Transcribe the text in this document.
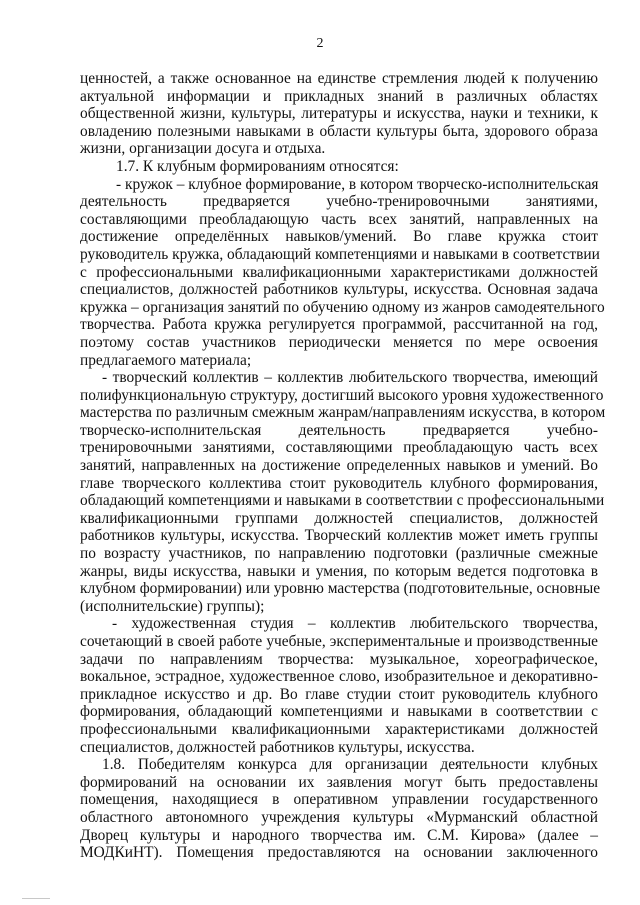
2
ценностей, а также основанное на единстве стремления людей к получению
актуальной информации и прикладных знаний в различных областях
общественной жизни, культуры, литературы и искусства, науки и техники, к
овладению полезными навыками в области культуры быта, здорового образа
жизни, организации досуга и отдыха.
1.7. К клубным формированиям относятся:
- кружок – клубное формирование, в котором творческо-исполнительская
деятельность предваряется учебно-тренировочными занятиями,
составляющими преобладающую часть всех занятий, направленных на
достижение определённых навыков/умений. Во главе кружка стоит
руководитель кружка, обладающий компетенциями и навыками в соответствии
с профессиональными квалификационными характеристиками должностей
специалистов, должностей работников культуры, искусства. Основная задача
кружка – организация занятий по обучению одному из жанров самодеятельного
творчества. Работа кружка регулируется программой, рассчитанной на год,
поэтому состав участников периодически меняется по мере освоения
предлагаемого материала;
- творческий коллектив – коллектив любительского творчества, имеющий
полифункциональную структуру, достигший высокого уровня художественного
мастерства по различным смежным жанрам/направлениям искусства, в котором
творческо-исполнительская деятельность предваряется учебно-
тренировочными занятиями, составляющими преобладающую часть всех
занятий, направленных на достижение определенных навыков и умений. Во
главе творческого коллектива стоит руководитель клубного формирования,
обладающий компетенциями и навыками в соответствии с профессиональными
квалификационными группами должностей специалистов, должностей
работников культуры, искусства. Творческий коллектив может иметь группы
по возрасту участников, по направлению подготовки (различные смежные
жанры, виды искусства, навыки и умения, по которым ведется подготовка в
клубном формировании) или уровню мастерства (подготовительные, основные
(исполнительские) группы);
- художественная студия – коллектив любительского творчества,
сочетающий в своей работе учебные, экспериментальные и производственные
задачи по направлениям творчества: музыкальное, хореографическое,
вокальное, эстрадное, художественное слово, изобразительное и декоративно-
прикладное искусство и др. Во главе студии стоит руководитель клубного
формирования, обладающий компетенциями и навыками в соответствии с
профессиональными квалификационными характеристиками должностей
специалистов, должностей работников культуры, искусства.
1.8. Победителям конкурса для организации деятельности клубных
формирований на основании их заявления могут быть предоставлены
помещения, находящиеся в оперативном управлении государственного
областного автономного учреждения культуры «Мурманский областной
Дворец культуры и народного творчества им. С.М. Кирова» (далее –
МОДКиНТ). Помещения предоставляются на основании заключенного
